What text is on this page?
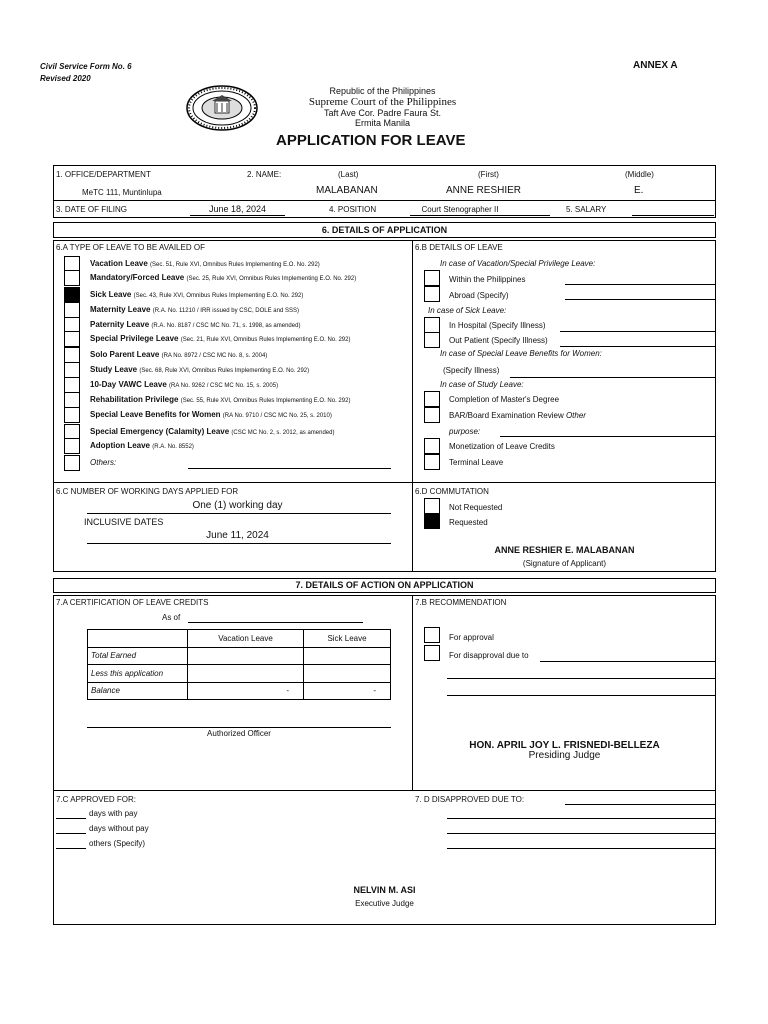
Civil Service Form No. 6
Revised 2020
ANNEX A
Republic of the Philippines
Supreme Court of the Philippines
Taft Ave Cor. Padre Faura St.
Ermita Manila
APPLICATION FOR LEAVE
1. OFFICE/DEPARTMENT
MeTC 111, Muntinlupa
2. NAME:	(Last)	(First)	(Middle)
MALABANAN	ANNE RESHIER	E.
3. DATE OF FILING	June 18, 2024	4. POSITION	Court Stenographer II	5. SALARY
6. DETAILS OF APPLICATION
6.A TYPE OF LEAVE TO BE AVAILED OF
Vacation Leave (Sec. 51, Rule XVI, Omnibus Rules Implementing E.O. No. 292)
Mandatory/Forced Leave (Sec. 25, Rule XVI, Omnibus Rules Implementing E.O. No. 292)
Sick Leave (Sec. 43, Rule XVI, Omnibus Rules Implementing E.O. No. 292)
Maternity Leave (R.A. No. 11210 / IRR issued by CSC, DOLE and SSS)
Paternity Leave (R.A. No. 8187 / CSC MC No. 71, s. 1998, as amended)
Special Privilege Leave (Sec. 21, Rule XVI, Omnibus Rules Implementing E.O. No. 292)
Solo Parent Leave (RA No. 8972 / CSC MC No. 8, s. 2004)
Study Leave (Sec. 68, Rule XVI, Omnibus Rules Implementing E.O. No. 292)
10-Day VAWC Leave (RA No. 9262 / CSC MC No. 15, s. 2005)
Rehabilitation Privilege (Sec. 55, Rule XVI, Omnibus Rules Implementing E.O. No. 292)
Special Leave Benefits for Women (RA No. 9710 / CSC MC No. 25, s. 2010)
Special Emergency (Calamity) Leave (CSC MC No. 2, s. 2012, as amended)
Adoption Leave (R.A. No. 8552)
Others:
6.B DETAILS OF LEAVE
In case of Vacation/Special Privilege Leave:
Within the Philippines
Abroad (Specify)
In case of Sick Leave:
In Hospital (Specify Illness)
Out Patient (Specify Illness)
In case of Special Leave Benefits for Women:
(Specify Illness)
In case of Study Leave:
Completion of Master's Degree
BAR/Board Examination Review Other
purpose:
Monetization of Leave Credits
Terminal Leave
6.C NUMBER OF WORKING DAYS APPLIED FOR
One (1) working day
INCLUSIVE DATES
June 11, 2024
6.D COMMUTATION
Not Requested
Requested
ANNE RESHIER E. MALABANAN
(Signature of Applicant)
7. DETAILS OF ACTION ON APPLICATION
7.A CERTIFICATION OF LEAVE CREDITS
As of
	Vacation Leave	Sick Leave
Total Earned		
Less this application		
Balance	-	-
Authorized Officer
7.B RECOMMENDATION
For approval
For disapproval due to
HON. APRIL JOY L. FRISNEDI-BELLEZA
Presiding Judge
7.C APPROVED FOR:
days with pay
days without pay
others (Specify)
7. D DISAPPROVED DUE TO:
NELVIN M. ASI
Executive Judge
